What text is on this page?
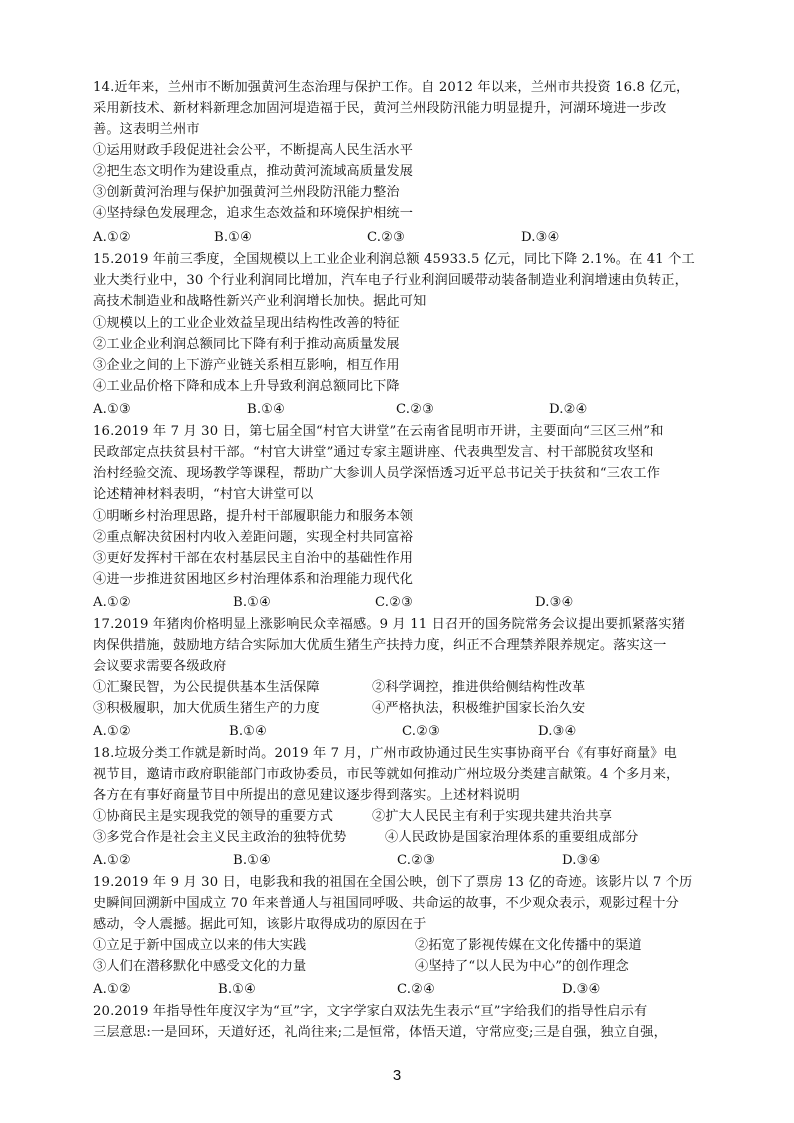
14.近年来，兰州市不断加强黄河生态治理与保护工作。自 2012 年以来，兰州市共投资 16.8 亿元，
采用新技术、新材料新理念加固河堤造福于民，黄河兰州段防汛能力明显提升，河湖环境进一步改
善。这表明兰州市
①运用财政手段促进社会公平，不断提高人民生活水平
②把生态文明作为建设重点，推动黄河流域高质量发展
③创新黄河治理与保护加强黄河兰州段防汛能力整治
④坚持绿色发展理念，追求生态效益和环境保护相统一
A.①②	B.①④	C.②③	D.③④
15.2019 年前三季度，全国规模以上工业企业利润总额 45933.5 亿元，同比下降 2.1%。在 41 个工
业大类行业中，30 个行业利润同比增加，汽车电子行业利润回暖带动装备制造业利润增速由负转正，
高技术制造业和战略性新兴产业利润增长加快。据此可知
①规模以上的工业企业效益呈现出结构性改善的特征
②工业企业利润总额同比下降有利于推动高质量发展
③企业之间的上下游产业链关系相互影响，相互作用
④工业品价格下降和成本上升导致利润总额同比下降
A.①③	B.①④	C.②③	D.②④
16.2019 年 7 月 30 日，第七届全国“村官大讲堂”在云南省昆明市开讲，主要面向“三区三州”和
民政部定点扶贫县村干部。“村官大讲堂”通过专家主题讲座、代表典型发言、村干部脱贫攻坚和
治村经验交流、现场教学等课程，帮助广大参训人员学深悟透习近平总书记关于扶贫和“三农工作
论述精神材料表明，“村官大讲堂可以
①明晰乡村治理思路，提升村干部履职能力和服务本领
②重点解决贫困村内收入差距问题，实现全村共同富裕
③更好发挥村干部在农村基层民主自治中的基础性作用
④进一步推进贫困地区乡村治理体系和治理能力现代化
A.①②	B.①④	C.②③	D.③④
17.2019 年猪肉价格明显上涨影响民众幸福感。9 月 11 日召开的国务院常务会议提出要抓紧落实猪
肉保供措施，鼓励地方结合实际加大优质生猪生产扶持力度，纠正不合理禁养限养规定。落实这一
会议要求需要各级政府
①汇聚民智，为公民提供基本生活保障	②科学调控，推进供给侧结构性改革
③积极履职，加大优质生猪生产的力度	④严格执法，积极维护国家长治久安
A.①②	B.①④	C.②③	D.③④
18.垃圾分类工作就是新时尚。2019 年 7 月，广州市政协通过民生实事协商平台《有事好商量》电
视节目，邀请市政府职能部门市政协委员，市民等就如何推动广州垃圾分类建言献策。4 个多月来，
各方在有事好商量节目中所提出的意见建议逐步得到落实。上述材料说明
①协商民主是实现我党的领导的重要方式	②扩大人民民主有利于实现共建共治共享
③多党合作是社会主义民主政治的独特优势	④人民政协是国家治理体系的重要组成部分
A.①②	B.①④	C.②③	D.③④
19.2019 年 9 月 30 日，电影我和我的祖国在全国公映，创下了票房 13 亿的奇迹。该影片以 7 个历
史瞬间回溯新中国成立 70 年来普通人与祖国同呼吸、共命运的故事，不少观众表示，观影过程十分
感动，令人震撼。据此可知，该影片取得成功的原因在于
①立足于新中国成立以来的伟大实践	②拓宽了影视传媒在文化传播中的渠道
③人们在潜移默化中感受文化的力量	④坚持了“以人民为中心”的创作理念
A.①②	B.①④	C.②④	D.③④
20.2019 年指导性年度汉字为“亘”字，文字学家白双法先生表示“亘”字给我们的指导性启示有
三层意思:一是回环，天道好还，礼尚往来;二是恒常，体悟天道，守常应变;三是自强，独立自强，
3
